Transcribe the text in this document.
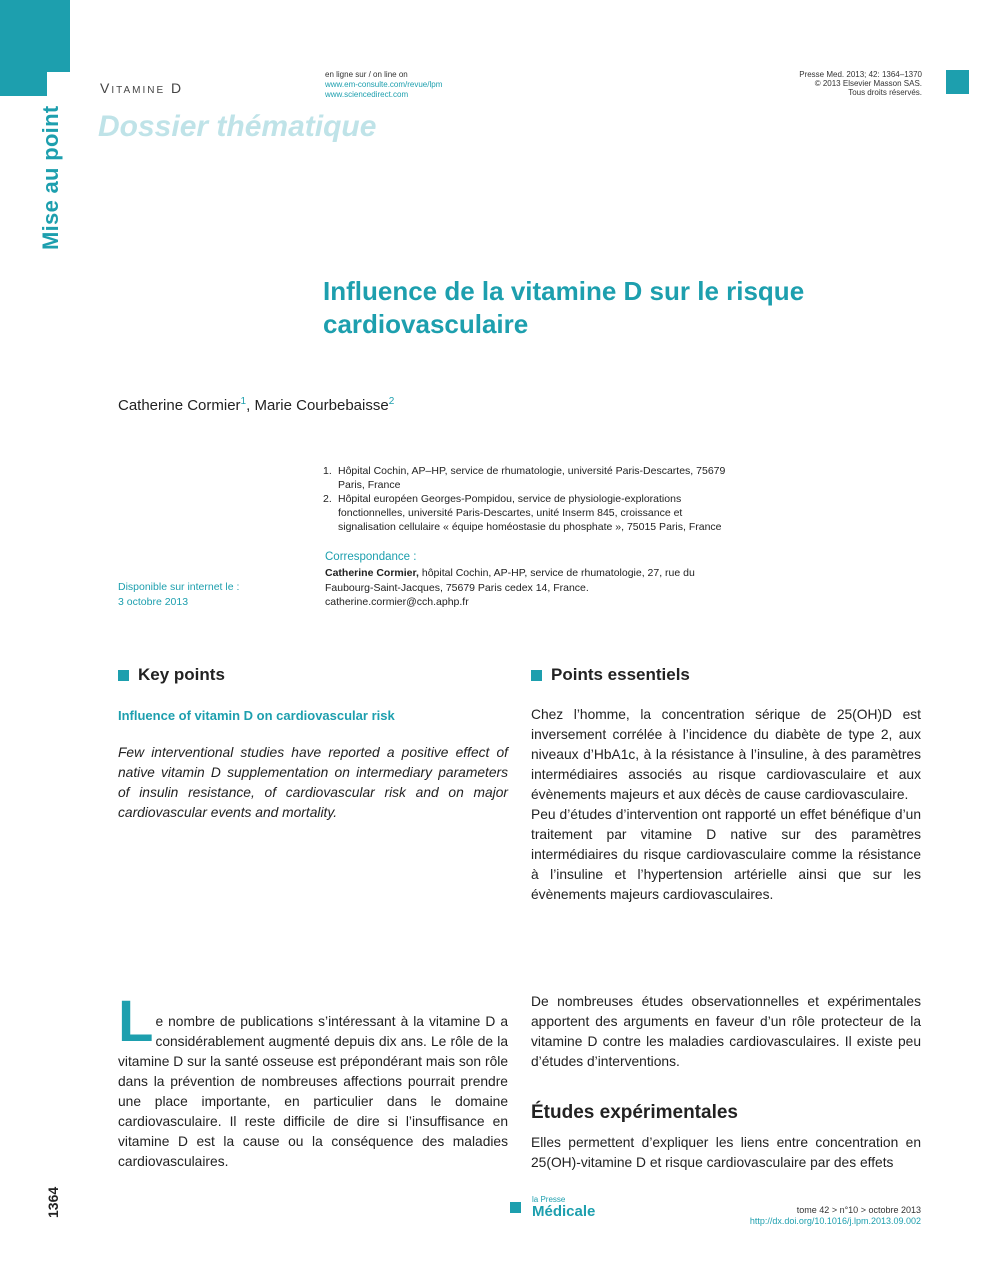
Mise au point
Vitamine D
Dossier thématique
en ligne sur / on line on
www.em-consulte.com/revue/lpm
www.sciencedirect.com
Presse Med. 2013; 42: 1364–1370
© 2013 Elsevier Masson SAS.
Tous droits réservés.
Influence de la vitamine D sur le risque cardiovasculaire
Catherine Cormier$^1$, Marie Courbebaisse$^2$
1. Hôpital Cochin, AP–HP, service de rhumatologie, université Paris-Descartes, 75679 Paris, France
2. Hôpital européen Georges-Pompidou, service de physiologie-explorations fonctionnelles, université Paris-Descartes, unité Inserm 845, croissance et signalisation cellulaire « équipe homéostasie du phosphate », 75015 Paris, France
Correspondance :
Catherine Cormier, hôpital Cochin, AP-HP, service de rhumatologie, 27, rue du Faubourg-Saint-Jacques, 75679 Paris cedex 14, France.
catherine.cormier@cch.aphp.fr
Disponible sur internet le :
3 octobre 2013
Key points
Influence of vitamin D on cardiovascular risk
Few interventional studies have reported a positive effect of native vitamin D supplementation on intermediary parameters of insulin resistance, of cardiovascular risk and on major cardiovascular events and mortality.
Points essentiels

Chez l’homme, la concentration sérique de 25(OH)D est inversement corrélée à l’incidence du diabète de type 2, aux niveaux d’HbA1c, à la résistance à l’insuline, à des paramètres intermédiaires associés au risque cardiovasculaire et aux évènements majeurs et aux décès de cause cardiovasculaire.

Peu d’études d’intervention ont rapporté un effet bénéfique d’un traitement par vitamine D native sur des paramètres intermédiaires du risque cardiovasculaire comme la résistance à l’insuline et l’hypertension artérielle ainsi que sur les évènements majeurs cardiovasculaires.

Le nombre de publications s’intéressant à la vitamine D a considérablement augmenté depuis dix ans. Le rôle de la vitamine D sur la santé osseuse est prépondérant mais son rôle dans la prévention de nombreuses affections pourrait prendre une place importante, en particulier dans le domaine cardiovasculaire. Il reste difficile de dire si l’insuffisance en vitamine D est la cause ou la conséquence des maladies cardiovasculaires.
De nombreuses études observationnelles et expérimentales apportent des arguments en faveur d’un rôle protecteur de la vitamine D contre les maladies cardiovasculaires. Il existe peu d’études d’interventions.
Études expérimentales
Elles permettent d’expliquer les liens entre concentration en 25(OH)-vitamine D et risque cardiovasculaire par des effets
1364	la Presse
Médicale	tome 42 > n°10 > octobre 2013
http://dx.doi.org/10.1016/j.lpm.2013.09.002
